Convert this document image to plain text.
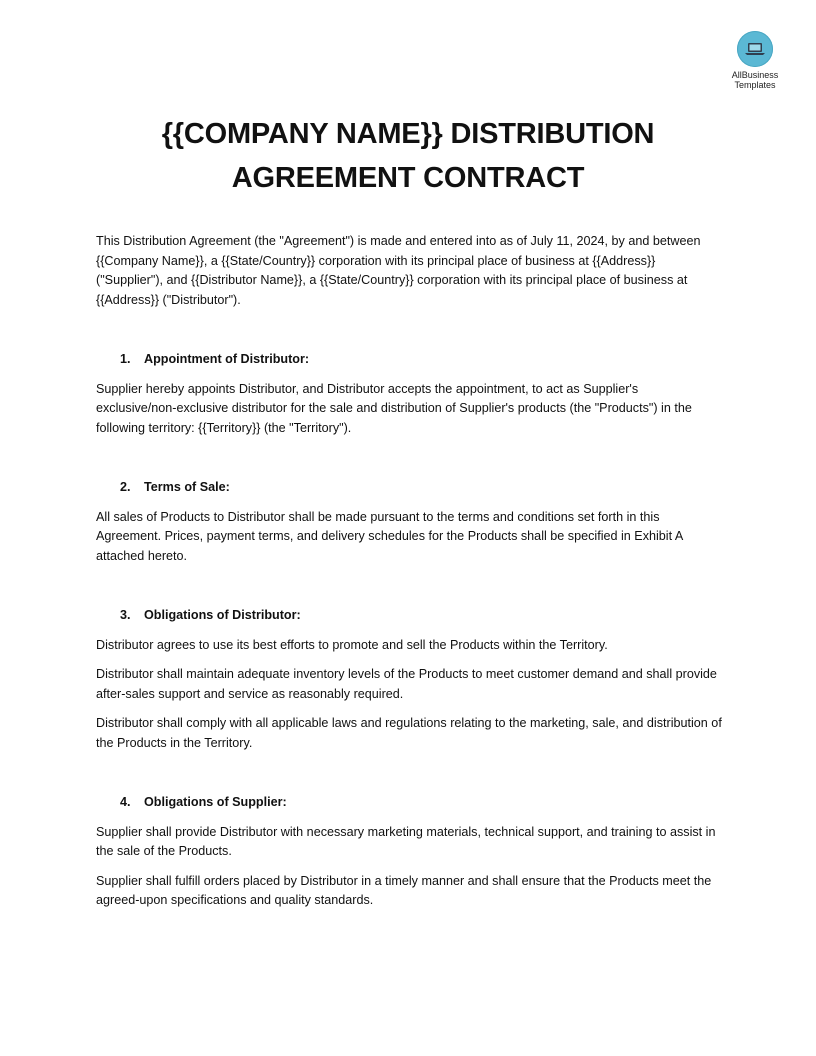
AllBusiness
Templates
{{COMPANY NAME}} DISTRIBUTION
AGREEMENT CONTRACT

This Distribution Agreement (the "Agreement") is made and entered into as of July 11, 2024, by and between {{Company Name}}, a {{State/Country}} corporation with its principal place of business at {{Address}} ("Supplier"), and {{Distributor Name}}, a {{State/Country}} corporation with its principal place of business at {{Address}} ("Distributor").

1.	Appointment of Distributor:

Supplier hereby appoints Distributor, and Distributor accepts the appointment, to act as Supplier's exclusive/non-exclusive distributor for the sale and distribution of Supplier's products (the "Products") in the following territory: {{Territory}} (the "Territory").

2.	Terms of Sale:

All sales of Products to Distributor shall be made pursuant to the terms and conditions set forth in this Agreement. Prices, payment terms, and delivery schedules for the Products shall be specified in Exhibit A attached hereto.

3.	Obligations of Distributor:

Distributor agrees to use its best efforts to promote and sell the Products within the Territory.

Distributor shall maintain adequate inventory levels of the Products to meet customer demand and shall provide after-sales support and service as reasonably required.

Distributor shall comply with all applicable laws and regulations relating to the marketing, sale, and distribution of the Products in the Territory.

4.	Obligations of Supplier:

Supplier shall provide Distributor with necessary marketing materials, technical support, and training to assist in the sale of the Products.

Supplier shall fulfill orders placed by Distributor in a timely manner and shall ensure that the Products meet the agreed-upon specifications and quality standards.
